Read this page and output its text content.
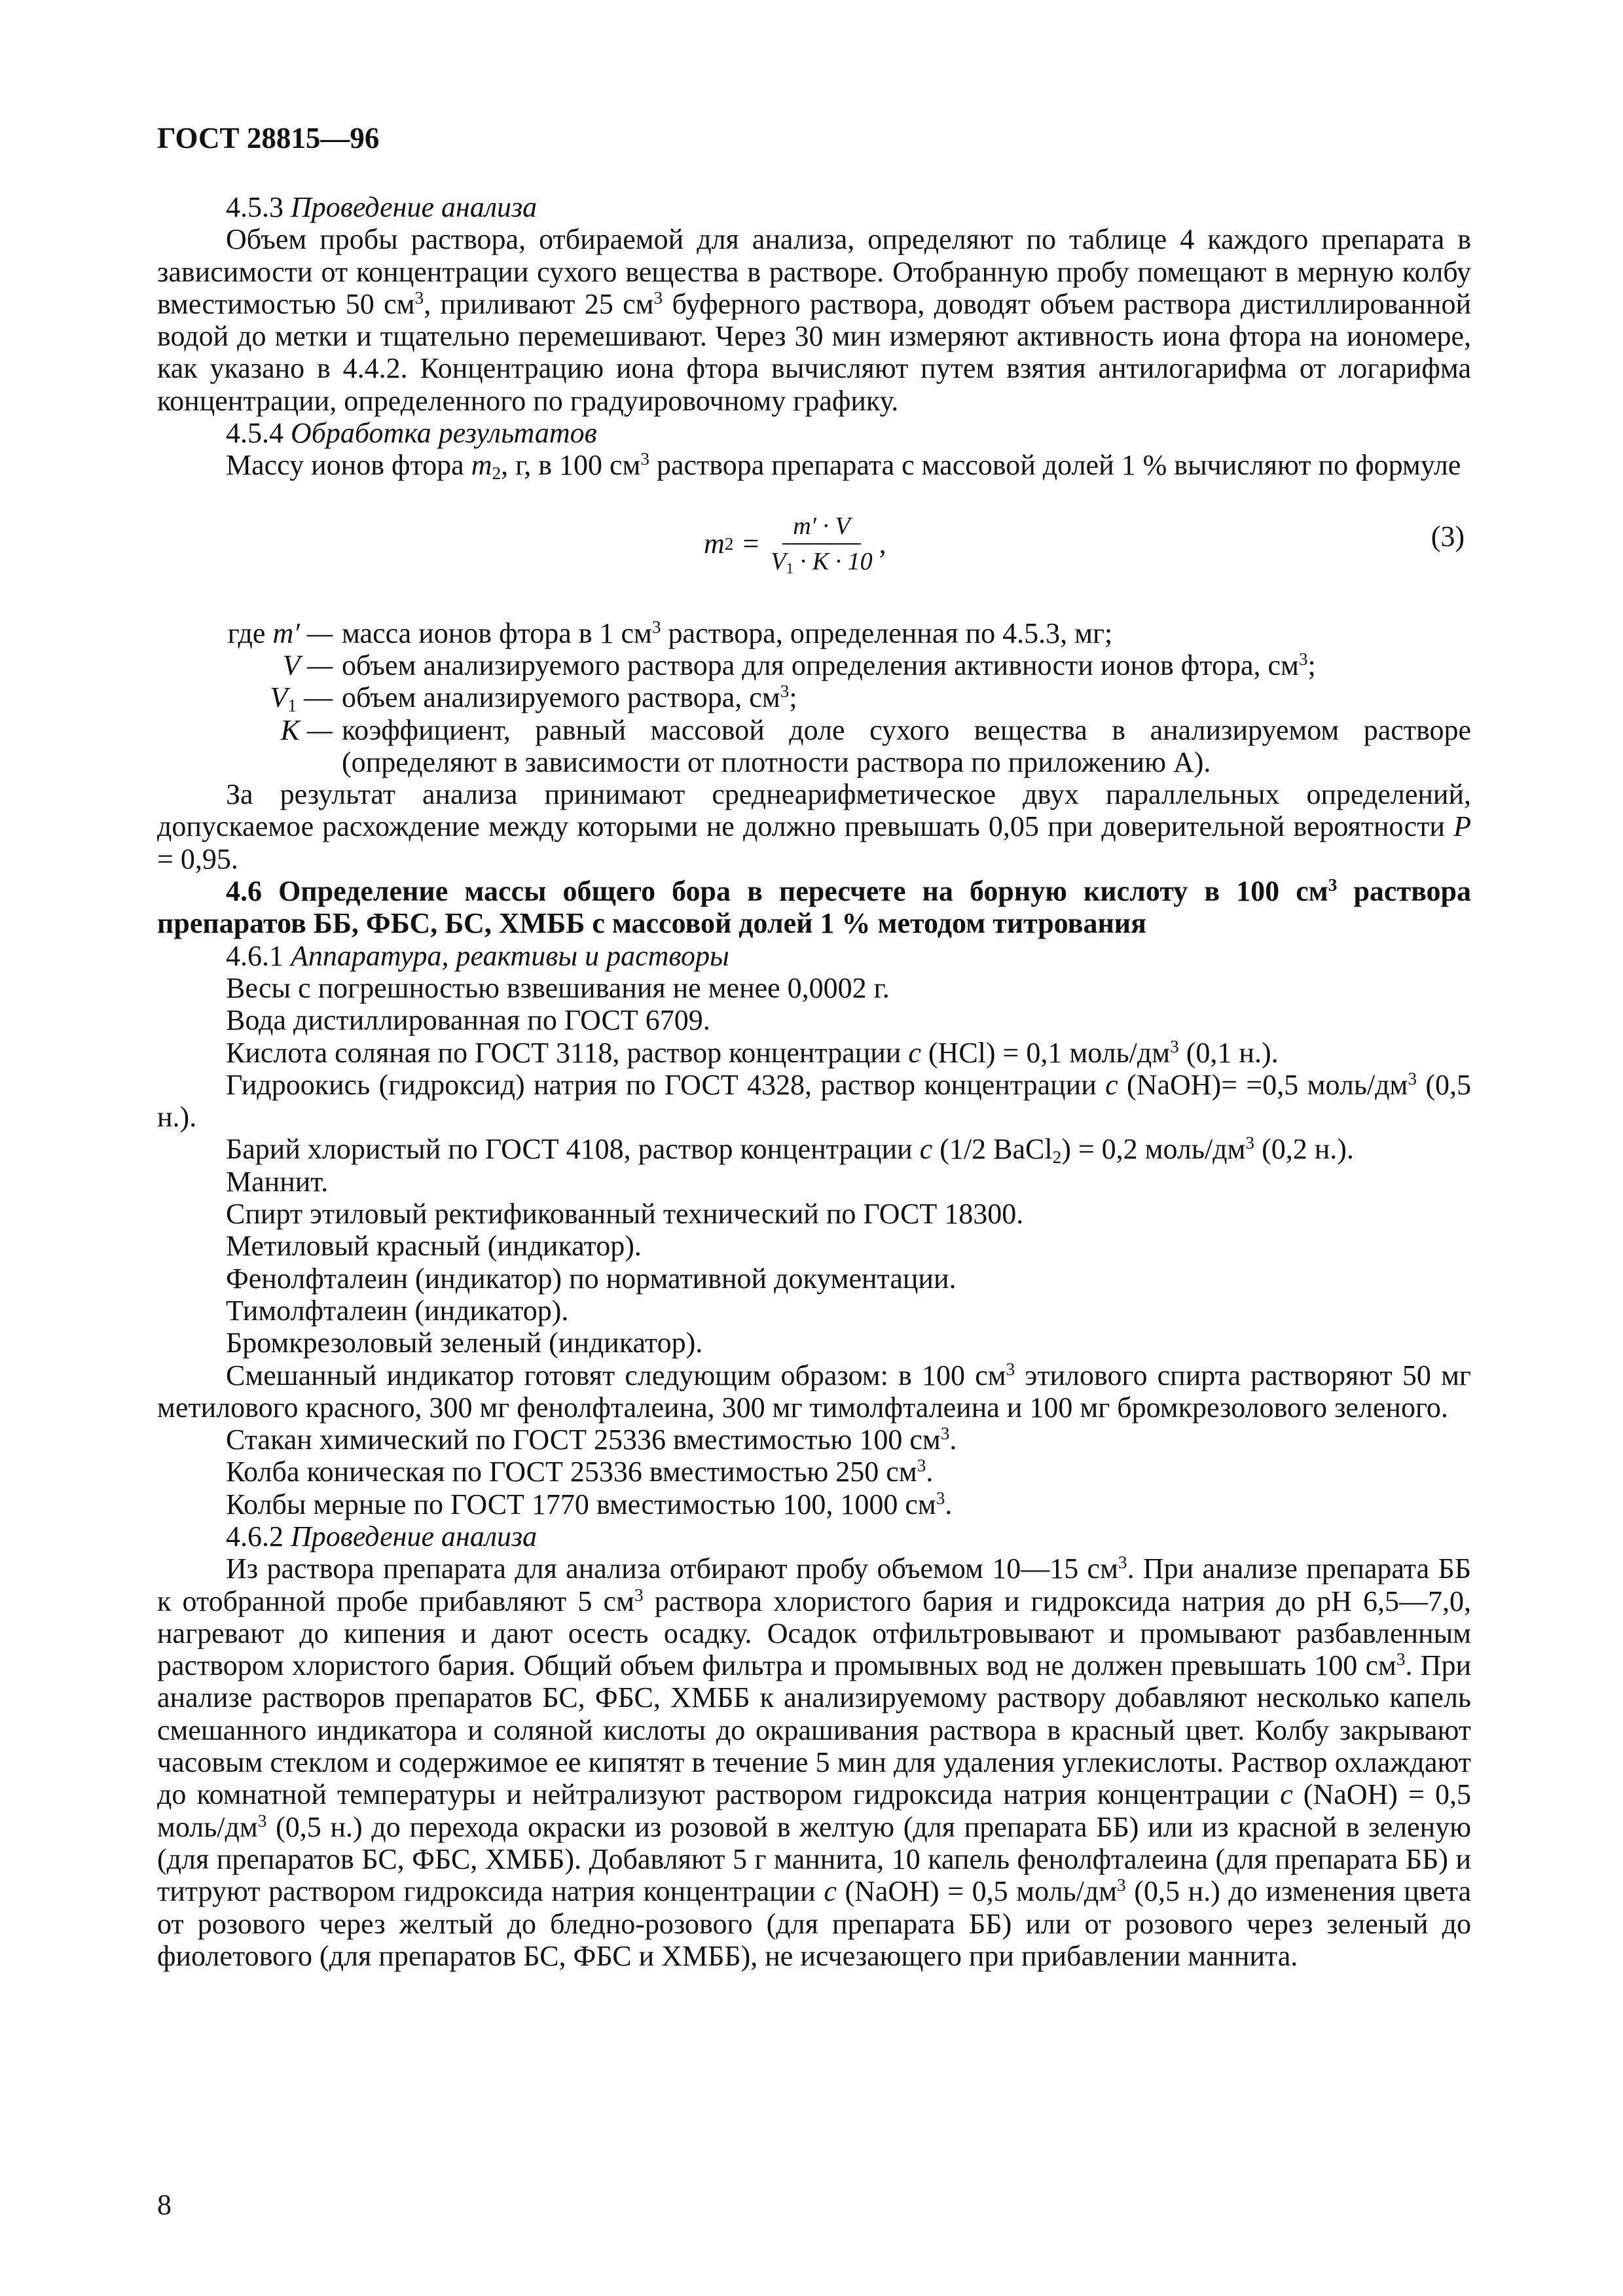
ГОСТ 28815—96

4.5.3 Проведение анализа

Объем пробы раствора, отбираемой для анализа, определяют по таблице 4 каждого препарата в зависимости от концентрации сухого вещества в растворе. Отобранную пробу помещают в мерную колбу вместимостью 50 $см^3$, приливают 25 $см^3$ буферного раствора, доводят объем раствора дистиллированной водой до метки и тщательно перемешивают. Через 30 мин измеряют активность иона фтора на иономере, как указано в 4.4.2. Концентрацию иона фтора вычисляют путем взятия антилогарифма от логарифма концентрации, определенного по градуировочному графику.

4.5.4 Обработка результатов

Массу ионов фтора $m_2$, г, в 100 $см^3$ раствора препарата с массовой долей 1 % вычисляют по формуле

m $2 = \frac{m' \cdot V}{V_1 \cdot K \cdot 10}$ ,	(3)
где m′ — масса ионов фтора в 1 $см^3$ раствора, определенная по 4.5.3, мг;
V — объем анализируемого раствора для определения активности ионов фтора, $см^3$;
$V_1$ — объем анализируемого раствора, $см^3$;
K — коэффициент, равный массовой доле сухого вещества в анализируемом растворе (определяют в зависимости от плотности раствора по приложению А).

За результат анализа принимают среднеарифметическое двух параллельных определений, допускаемое расхождение между которыми не должно превышать 0,05 при доверительной вероятности P = 0,95.

4.6 Определение массы общего бора в пересчете на борную кислоту в 100 $см^3$ раствора препаратов ББ, ФБС, БС, ХМББ с массовой долей 1 % методом титрования

4.6.1 Аппаратура, реактивы и растворы

Весы с погрешностью взвешивания не менее 0,0002 г.

Вода дистиллированная по ГОСТ 6709.

Кислота соляная по ГОСТ 3118, раствор концентрации c (HCl) = 0,1 моль/$дм^3$ (0,1 н.).

Гидроокись (гидроксид) натрия по ГОСТ 4328, раствор концентрации c (NaOH)= =0,5 моль/$дм^3$ (0,5 н.).

Барий хлористый по ГОСТ 4108, раствор концентрации c (1/2 BaCl$_2$) = 0,2 моль/$дм^3$ (0,2 н.).

Маннит.

Спирт этиловый ректификованный технический по ГОСТ 18300.

Метиловый красный (индикатор).

Фенолфталеин (индикатор) по нормативной документации.

Тимолфталеин (индикатор).

Бромкрезоловый зеленый (индикатор).

Смешанный индикатор готовят следующим образом: в 100 $см^3$ этилового спирта растворяют 50 мг метилового красного, 300 мг фенолфталеина, 300 мг тимолфталеина и 100 мг бромкрезолового зеленого.

Стакан химический по ГОСТ 25336 вместимостью 100 $см^3$.

Колба коническая по ГОСТ 25336 вместимостью 250 $см^3$.

Колбы мерные по ГОСТ 1770 вместимостью 100, 1000 $см^3$.

4.6.2 Проведение анализа

Из раствора препарата для анализа отбирают пробу объемом 10—15 $см^3$. При анализе препарата ББ к отобранной пробе прибавляют 5 $см^3$ раствора хлористого бария и гидроксида натрия до pH 6,5—7,0, нагревают до кипения и дают осесть осадку. Осадок отфильтровывают и промывают разбавленным раствором хлористого бария. Общий объем фильтра и промывных вод не должен превышать 100 $см^3$. При анализе растворов препаратов БС, ФБС, ХМББ к анализируемому раствору добавляют несколько капель смешанного индикатора и соляной кислоты до окрашивания раствора в красный цвет. Колбу закрывают часовым стеклом и содержимое ее кипятят в течение 5 мин для удаления углекислоты. Раствор охлаждают до комнатной температуры и нейтрализуют раствором гидроксида натрия концентрации c (NaOH) = 0,5 моль/$дм^3$ (0,5 н.) до перехода окраски из розовой в желтую (для препарата ББ) или из красной в зеленую (для препаратов БС, ФБС, ХМББ). Добавляют 5 г маннита, 10 капель фенолфталеина (для препарата ББ) и титруют раствором гидроксида натрия концентрации c (NaOH) = 0,5 моль/$дм^3$ (0,5 н.) до изменения цвета от розового через желтый до бледно-розового (для препарата ББ) или от розового через зеленый до фиолетового (для препаратов БС, ФБС и ХМББ), не исчезающего при прибавлении маннита.

8
